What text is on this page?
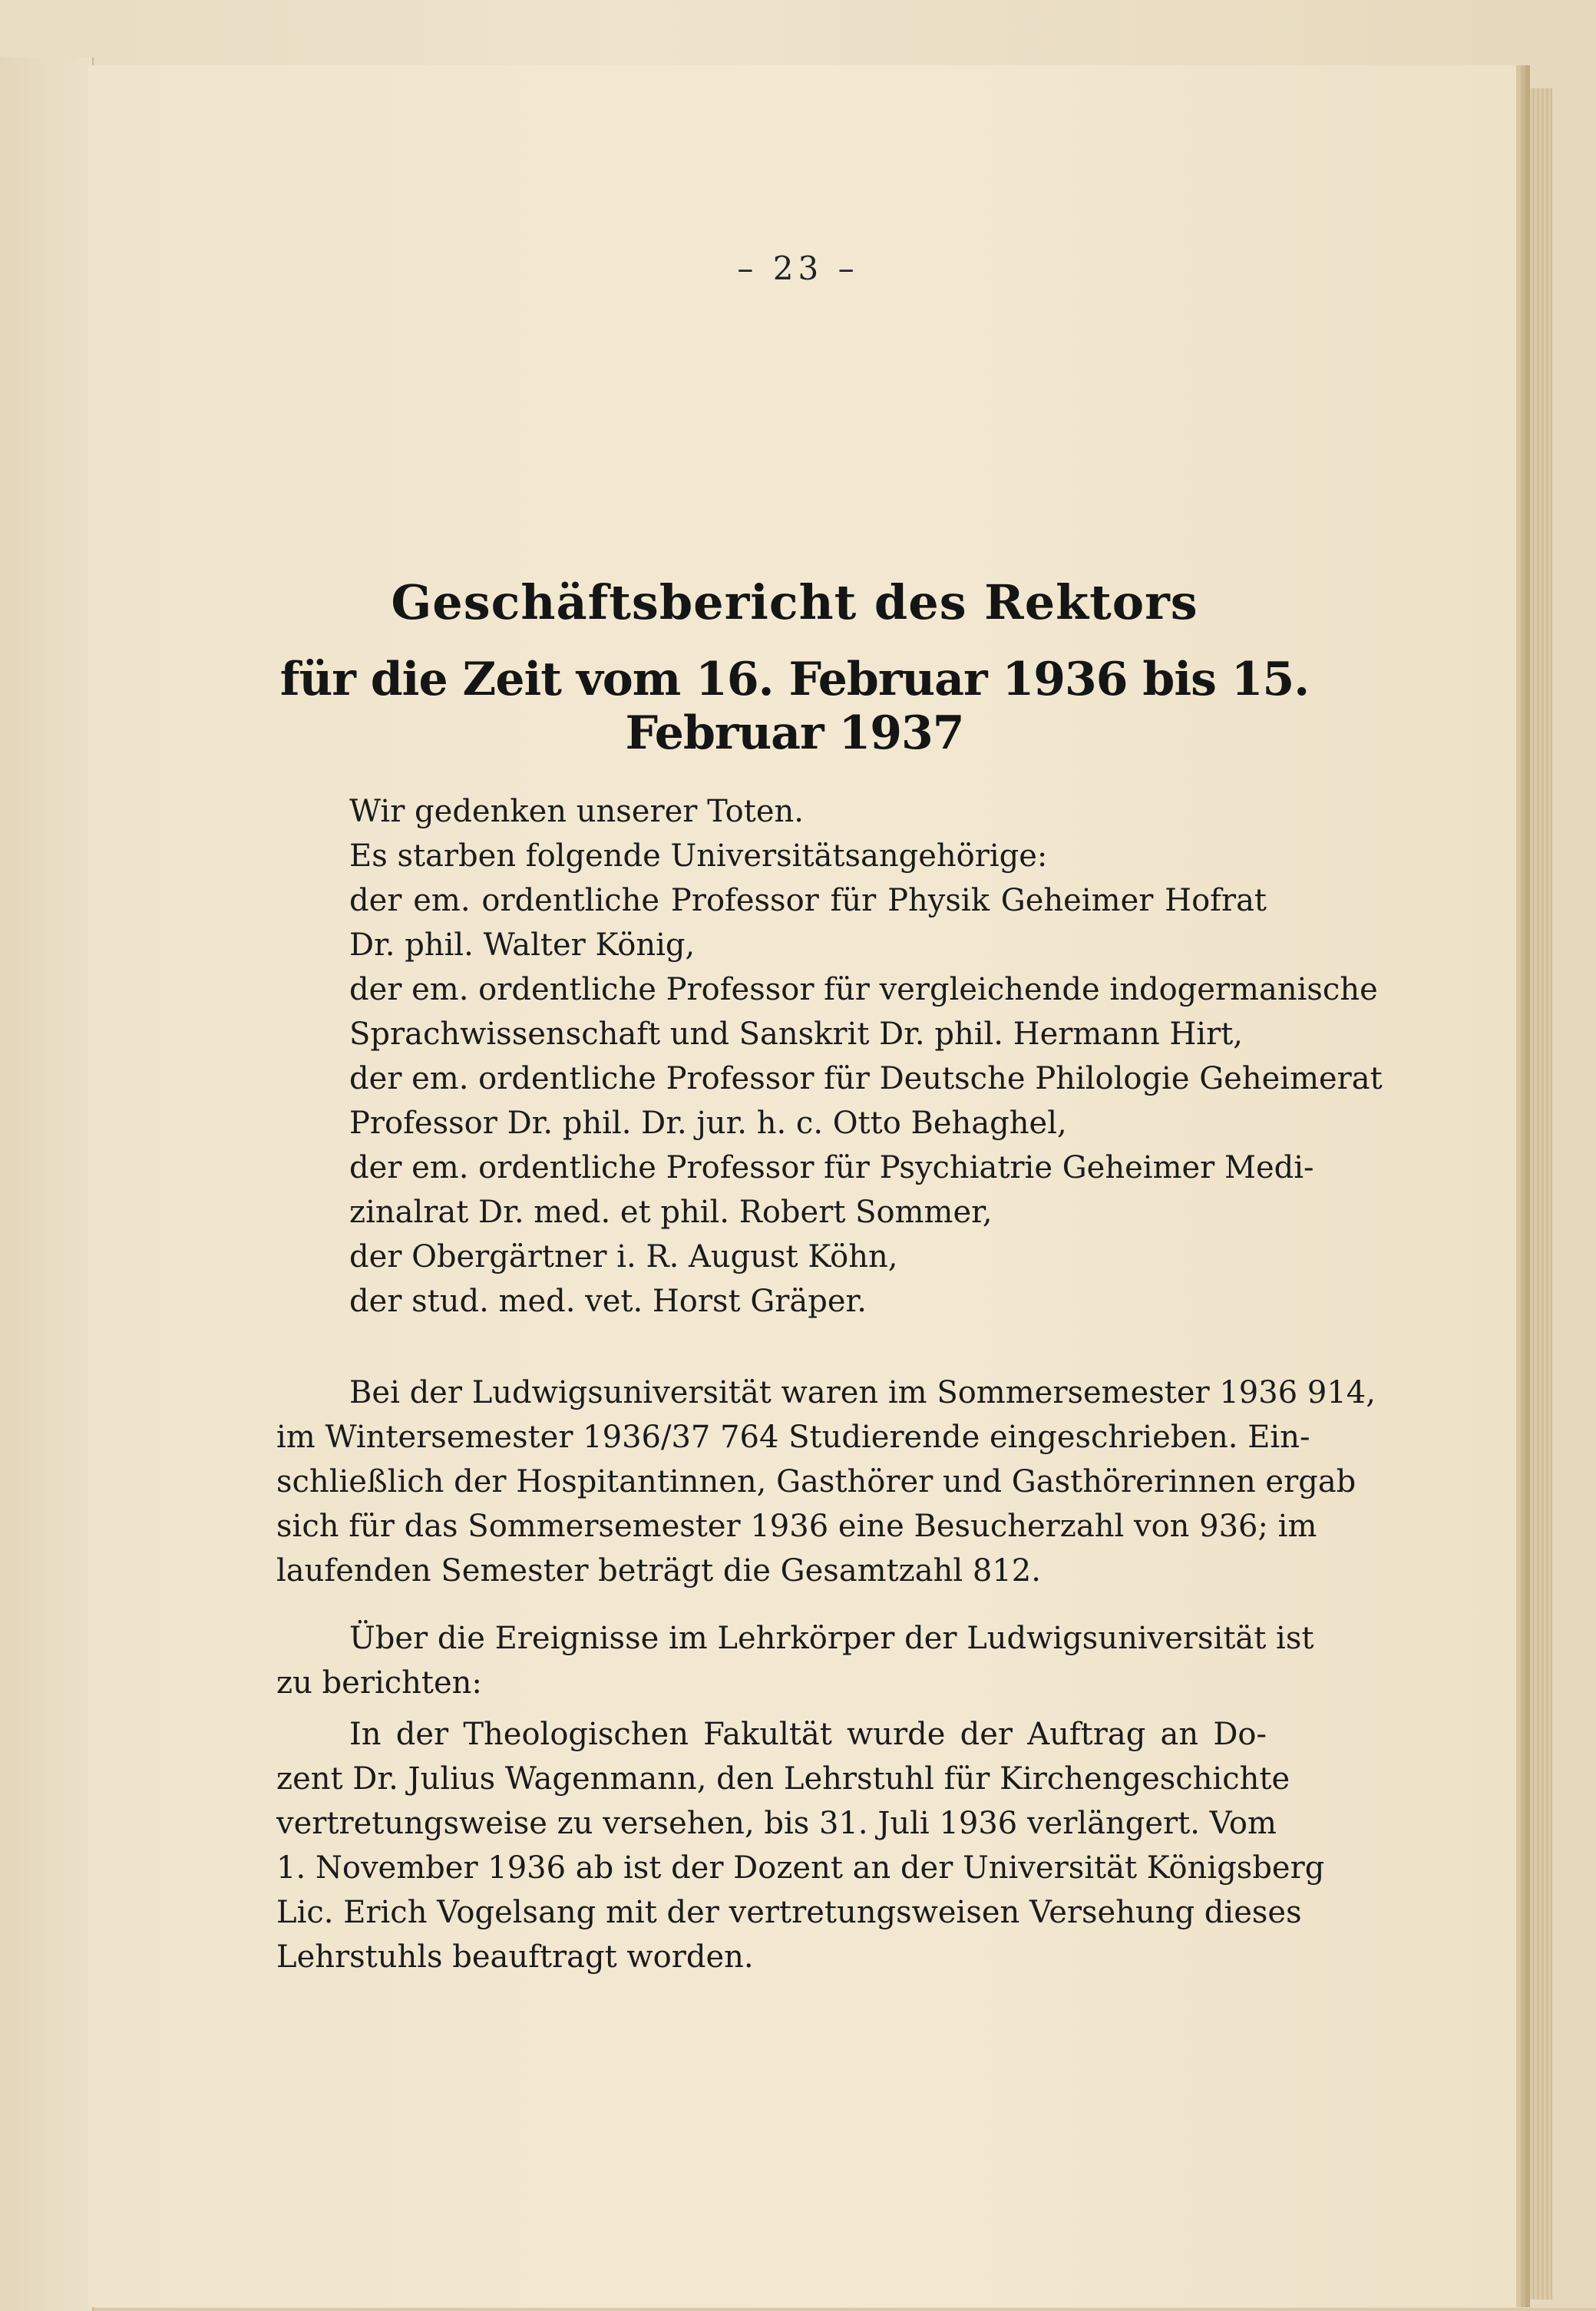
– 23 –
Geschäftsbericht des Rektors
für die Zeit vom 16. Februar 1936 bis 15. Februar 1937
Wir gedenken unserer Toten.
Es starben folgende Universitätsangehörige:
der em. ordentliche Professor für Physik Geheimer Hofrat
Dr. phil. Walter König,
der em. ordentliche Professor für vergleichende indogermanische
Sprachwissenschaft und Sanskrit Dr. phil. Hermann Hirt,
der em. ordentliche Professor für Deutsche Philologie Geheimerat
Professor Dr. phil. Dr. jur. h. c. Otto Behaghel,
der em. ordentliche Professor für Psychiatrie Geheimer Medi-
zinalrat Dr. med. et phil. Robert Sommer,
der Obergärtner i. R. August Köhn,
der stud. med. vet. Horst Gräper.
Bei der Ludwigsuniversität waren im Sommersemester 1936 914,
im Wintersemester 1936/37 764 Studierende eingeschrieben. Ein-
schließlich der Hospitantinnen, Gasthörer und Gasthörerinnen ergab
sich für das Sommersemester 1936 eine Besucherzahl von 936; im
laufenden Semester beträgt die Gesamtzahl 812.
Über die Ereignisse im Lehrkörper der Ludwigsuniversität ist
zu berichten:
In der Theologischen Fakultät wurde der Auftrag an Do-
zent Dr. Julius Wagenmann, den Lehrstuhl für Kirchengeschichte
vertretungsweise zu versehen, bis 31. Juli 1936 verlängert. Vom
1. November 1936 ab ist der Dozent an der Universität Königsberg
Lic. Erich Vogelsang mit der vertretungsweisen Versehung dieses
Lehrstuhls beauftragt worden.
